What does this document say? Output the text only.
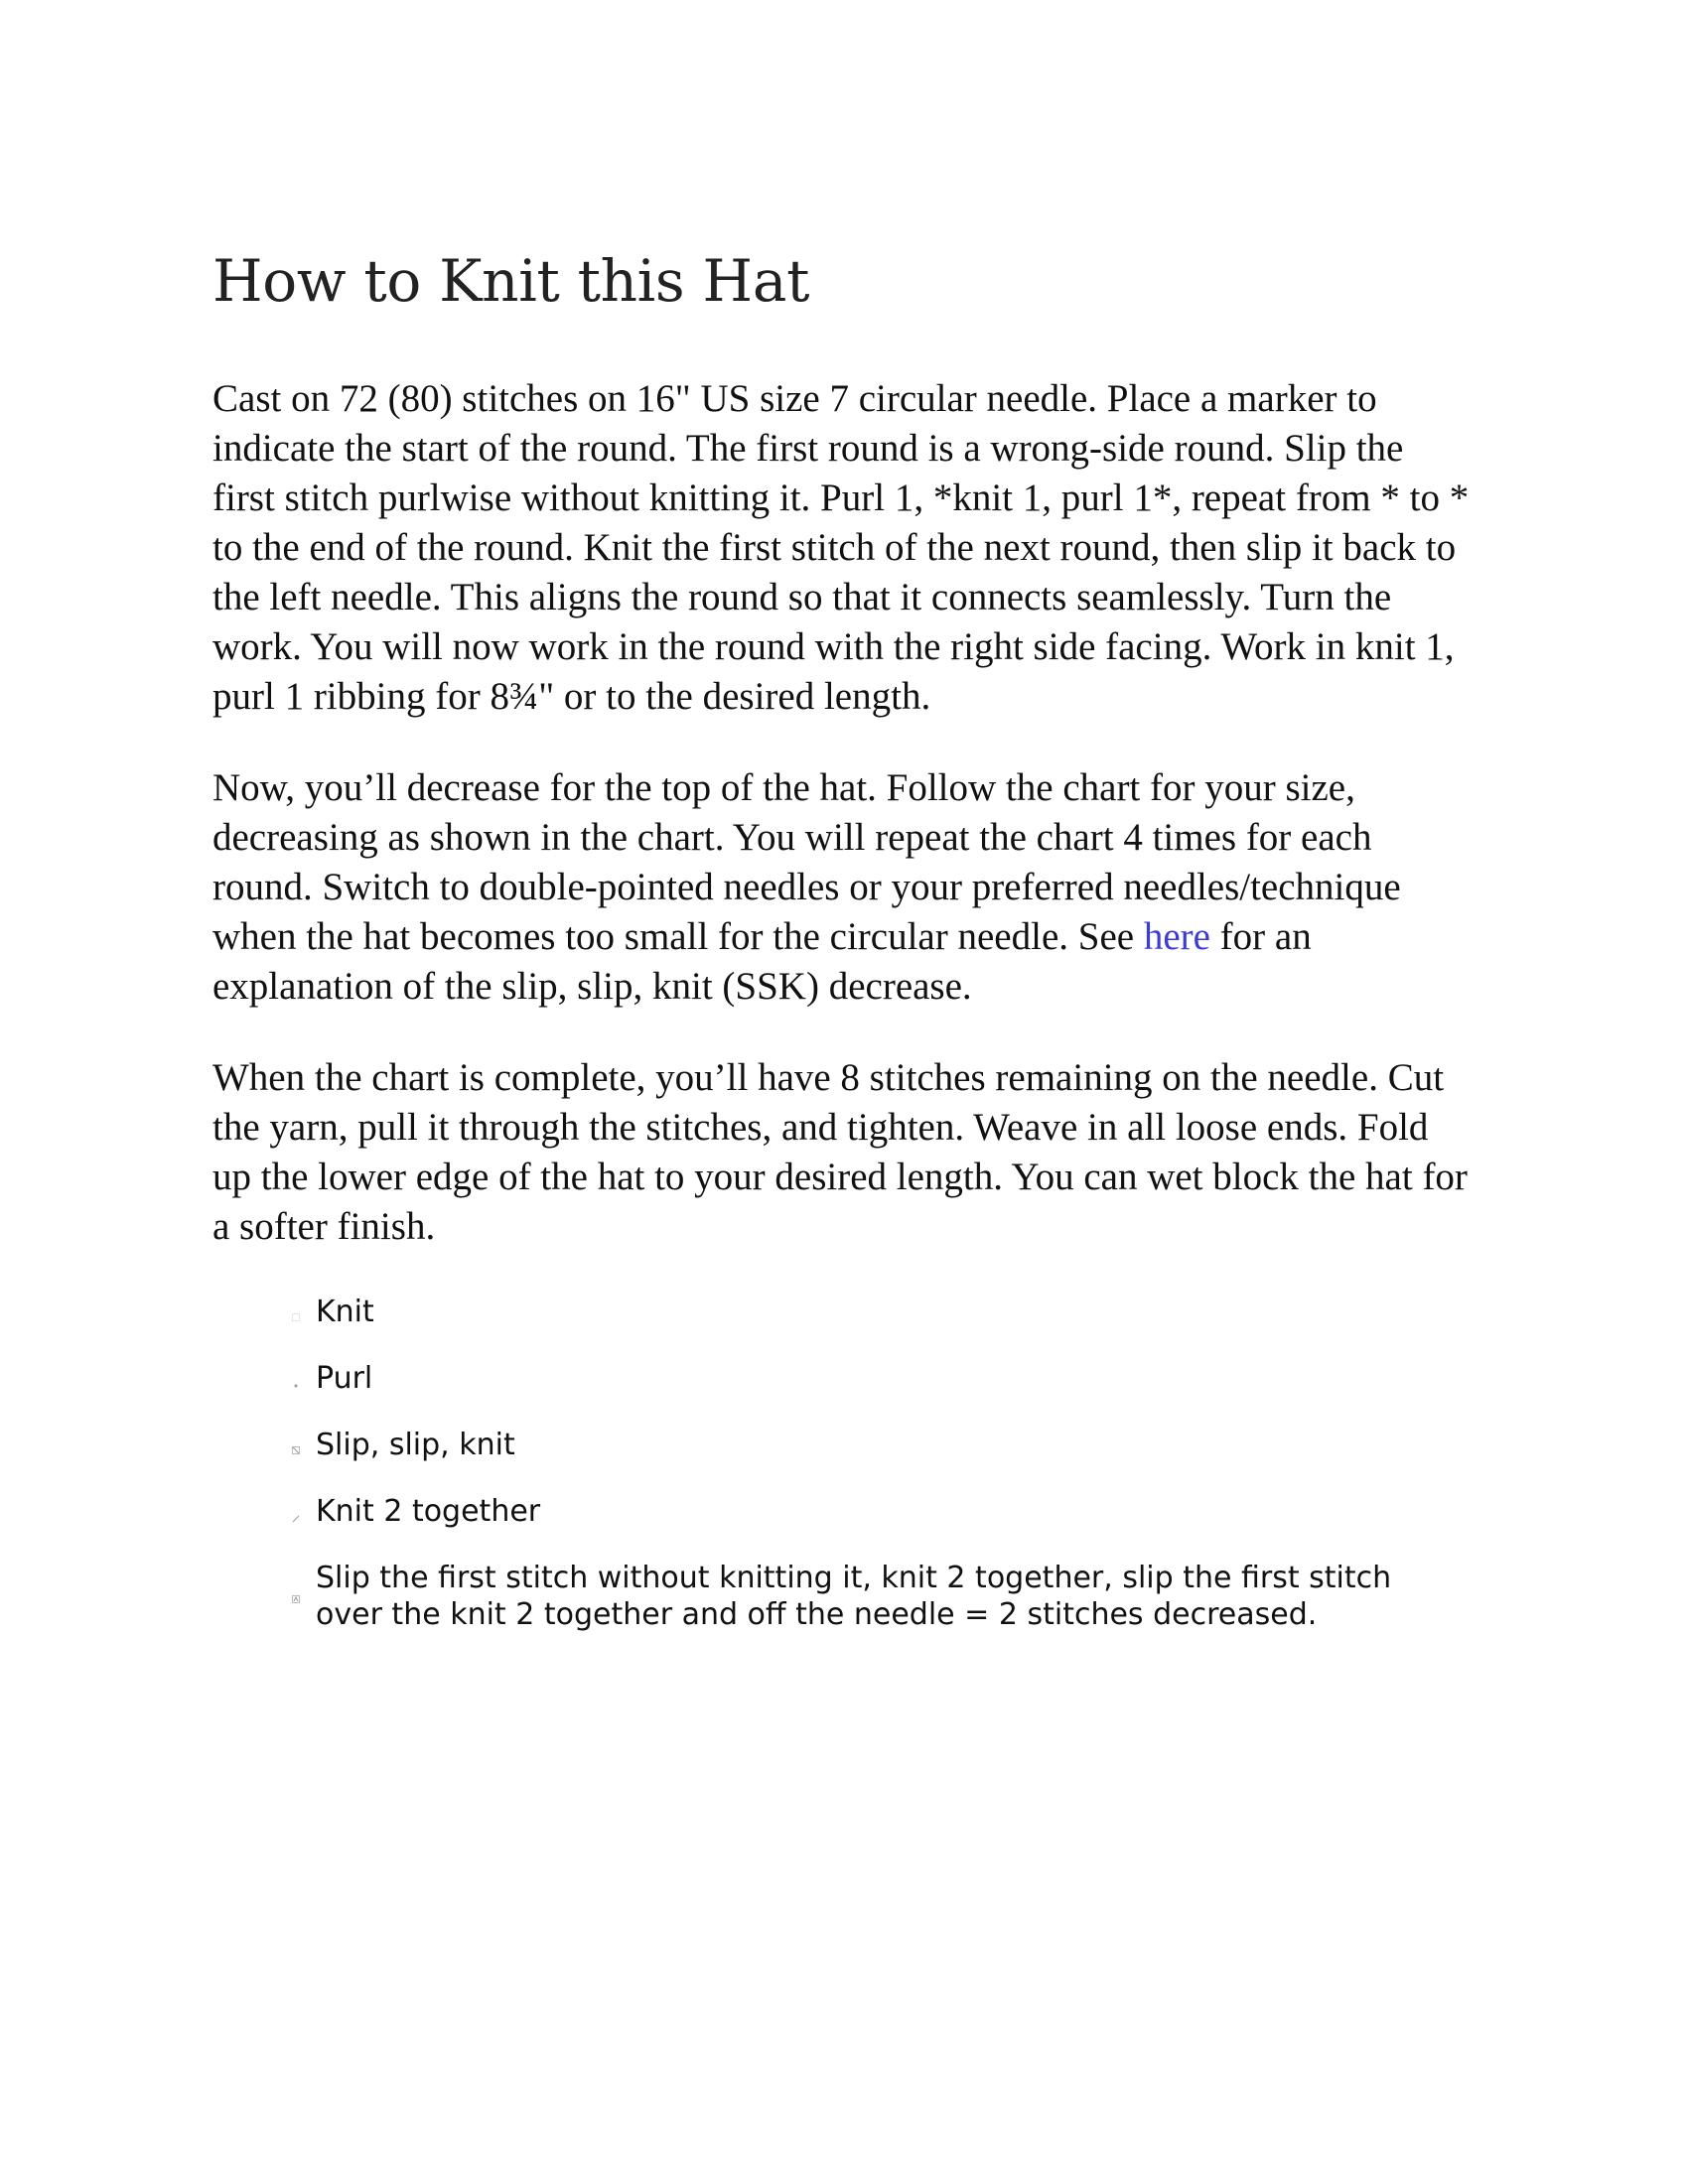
How to Knit this Hat

Cast on 72 (80) stitches on 16" US size 7 circular needle. Place a marker to indicate the start of the round. The first round is a wrong-side round. Slip the first stitch purlwise without knitting it. Purl 1, *knit 1, purl 1*, repeat from * to * to the end of the round. Knit the first stitch of the next round, then slip it back to the left needle. This aligns the round so that it connects seamlessly. Turn the work. You will now work in the round with the right side facing. Work in knit 1, purl 1 ribbing for 8¾" or to the desired length.

Now, you’ll decrease for the top of the hat. Follow the chart for your size, decreasing as shown in the chart. You will repeat the chart 4 times for each round. Switch to double-pointed needles or your preferred needles/technique when the hat becomes too small for the circular needle. See here for an explanation of the slip, slip, knit (SSK) decrease.

When the chart is complete, you’ll have 8 stitches remaining on the needle. Cut the yarn, pull it through the stitches, and tighten. Weave in all loose ends. Fold up the lower edge of the hat to your desired length. You can wet block the hat for a softer finish.

Knit
Purl
Slip, slip, knit
Knit 2 together
Slip the first stitch without knitting it, knit 2 together, slip the first stitch over the knit 2 together and off the needle = 2 stitches decreased.
